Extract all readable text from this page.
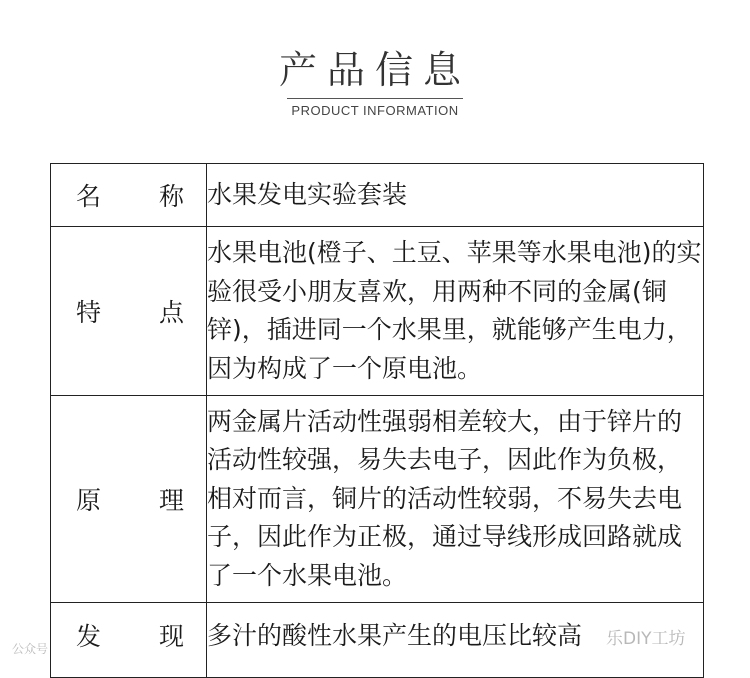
产品信息
PRODUCT INFORMATION
名 称	水果发电实验套装

特 点	水果电池(橙子、土豆、苹果等水果电池)的实验很受小朋友喜欢，用两种不同的金属(铜锌)，插进同一个水果里，就能够产生电力，因为构成了一个原电池。

原 理	两金属片活动性强弱相差较大，由于锌片的活动性较强，易失去电子，因此作为负极，相对而言，铜片的活动性较弱，不易失去电子，因此作为正极，通过导线形成回路就成了一个水果电池。

发 现	多汁的酸性水果产生的电压比较高
公众号	乐DIY工坊
